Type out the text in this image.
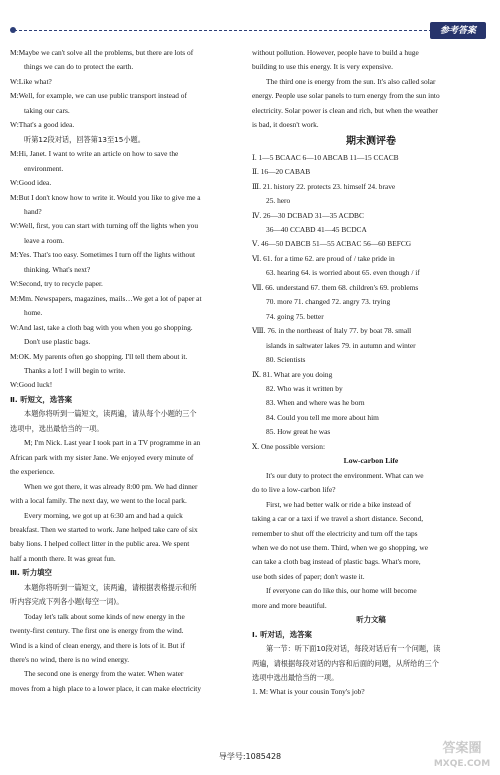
参考答案

M:Maybe we can't solve all the problems, but there are lots of

things we can do to protect the earth.

W:Like what?

M:Well, for example, we can use public transport instead of

taking our cars.

W:That's a good idea.

听第12段对话，回答第13至15小题。

M:Hi, Janet. I want to write an article on how to save the

environment.

W:Good idea.

M:But I don't know how to write it. Would you like to give me a

hand?

W:Well, first, you can start with turning off the lights when you

leave a room.

M:Yes. That's too easy. Sometimes I turn off the lights without

thinking. What's next?

W:Second, try to recycle paper.

M:Mm. Newspapers, magazines, mails…We get a lot of paper at

home.

W:And last, take a cloth bag with you when you go shopping.

Don't use plastic bags.

M:OK. My parents often go shopping. I'll tell them about it.

Thanks a lot! I will begin to write.

W:Good luck!

Ⅱ. 听短文，选答案

本题你将听到一篇短文，读两遍，请从每个小题的三个

选项中，选出最恰当的一项。

M; I'm Nick. Last year I took part in a TV programme in an

African park with my sister Jane. We enjoyed every minute of

the experience.

When we got there, it was already 8:00 pm. We had dinner

with a local family. The next day, we went to the local park.

Every morning, we got up at 6:30 am and had a quick

breakfast. Then we started to work. Jane helped take care of six

baby lions. I helped collect litter in the public area. We spent

half a month there. It was great fun.

Ⅲ. 听力填空

本题你将听到一篇短文，读两遍，请根据表格提示和所

听内容完成下列各小题(每空一词)。

Today let's talk about some kinds of new energy in the

twenty-first century. The first one is energy from the wind.

Wind is a kind of clean energy, and there is lots of it. But if

there's no wind, there is no wind energy.

The second one is energy from the water. When water

moves from a high place to a lower place, it can make electricity

without pollution. However, people have to build a huge

building to use this energy. It is very expensive.

The third one is energy from the sun. It's also called solar

energy. People use solar panels to turn energy from the sun into

electricity. Solar power is clean and rich, but when the weather

is bad, it doesn't work.

期末测评卷

Ⅰ. 1—5 BCAAC 6—10 ABCAB 11—15 CCACB

Ⅱ. 16—20 CABAB

Ⅲ. 21. history 22. protects 23. himself 24. brave

25. hero

Ⅳ. 26—30 DCBAD 31—35 ACDBC

36—40 CCABD 41—45 BCDCA

Ⅴ. 46—50 DABCB 51—55 ACBAC 56—60 BEFCG

Ⅵ. 61. for a time 62. are proud of / take pride in

63. hearing 64. is worried about 65. even though / if

Ⅶ. 66. understand 67. them 68. children's 69. problems

70. more 71. changed 72. angry 73. trying

74. going 75. better

Ⅷ. 76. in the northeast of Italy 77. by boat 78. small

islands in saltwater lakes 79. in autumn and winter

80. Scientists

Ⅸ. 81. What are you doing

82. Who was it written by

83. When and where was he born

84. Could you tell me more about him

85. How great he was

Ⅹ. One possible version:

Low-carbon Life

It's our duty to protect the environment. What can we

do to live a low-carbon life?

First, we had better walk or ride a bike instead of

taking a car or a taxi if we travel a short distance. Second,

remember to shut off the electricity and turn off the taps

when we do not use them. Third, when we go shopping, we

can take a cloth bag instead of plastic bags. What's more,

use both sides of paper; don't waste it.

If everyone can do like this, our home will become

more and more beautiful.

听力文稿

Ⅰ. 听对话，选答案

第一节：听下面10段对话，每段对话后有一个问题，读

两遍，请根据每段对话的内容和后面的问题，从所给的三个

选项中选出最恰当的一项。

1. M: What is your cousin Tony's job?

导学号:1085428
答案圈
MXQE.COM
